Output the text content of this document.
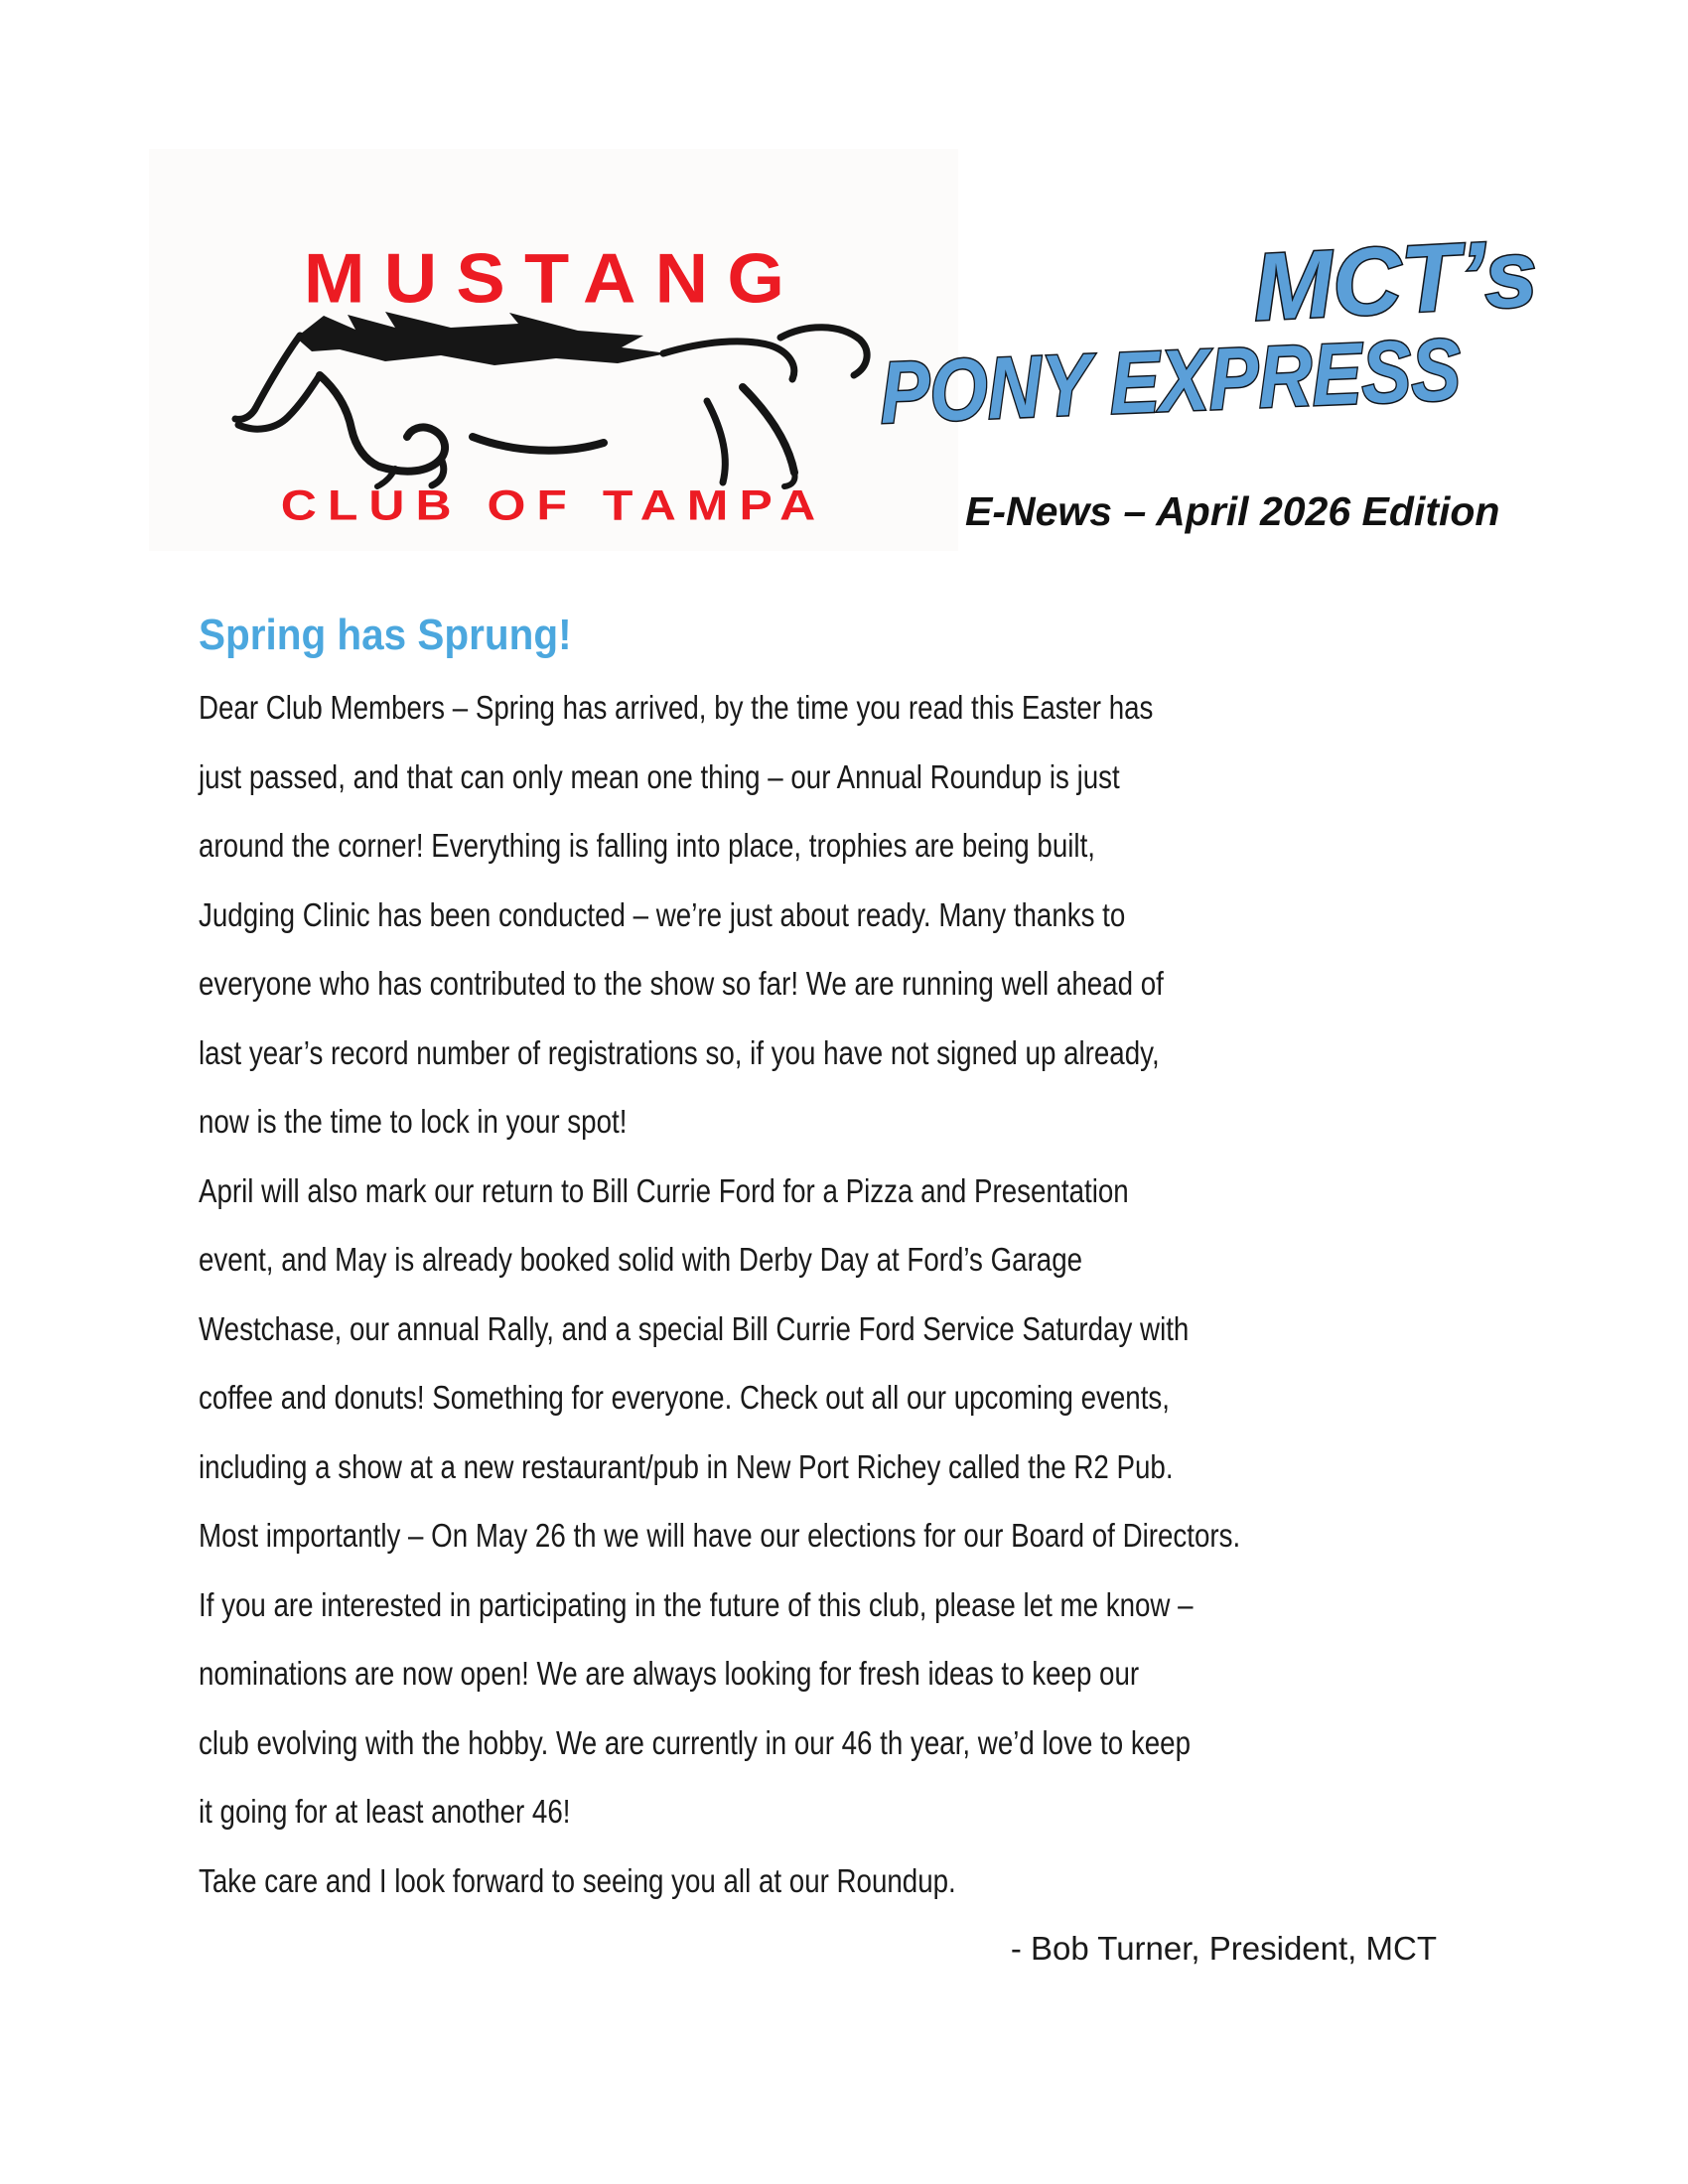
MUSTANG
CLUB OF TAMPA
MCT’s
PONY EXPRESS
E-News – April 2026 Edition
Spring has Sprung!
Dear Club Members – Spring has arrived, by the time you read this Easter has
just passed, and that can only mean one thing – our Annual Roundup is just
around the corner! Everything is falling into place, trophies are being built,
Judging Clinic has been conducted – we’re just about ready. Many thanks to
everyone who has contributed to the show so far! We are running well ahead of
last year’s record number of registrations so, if you have not signed up already,
now is the time to lock in your spot!
April will also mark our return to Bill Currie Ford for a Pizza and Presentation
event, and May is already booked solid with Derby Day at Ford’s Garage
Westchase, our annual Rally, and a special Bill Currie Ford Service Saturday with
coffee and donuts! Something for everyone. Check out all our upcoming events,
including a show at a new restaurant/pub in New Port Richey called the R2 Pub.
Most importantly – On May 26 th we will have our elections for our Board of Directors.
If you are interested in participating in the future of this club, please let me know –
nominations are now open! We are always looking for fresh ideas to keep our
club evolving with the hobby. We are currently in our 46 th year, we’d love to keep
it going for at least another 46!
Take care and I look forward to seeing you all at our Roundup.
- Bob Turner, President, MCT
